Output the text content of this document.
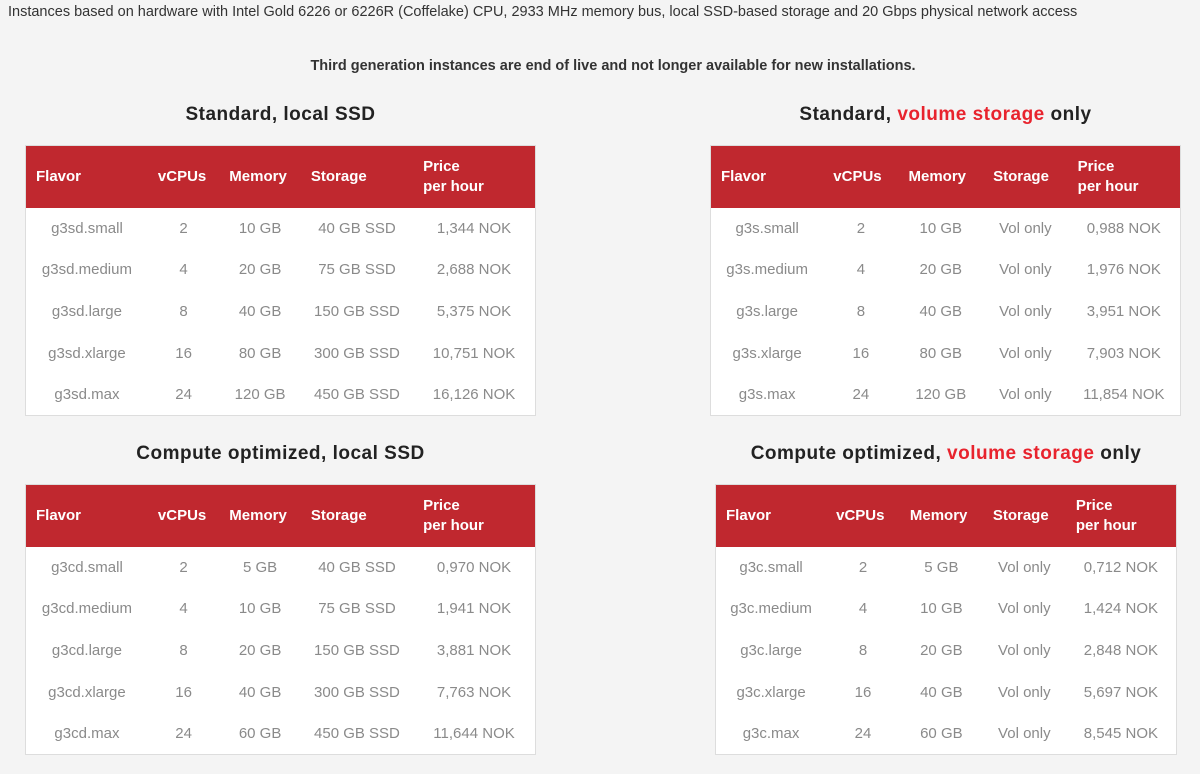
Instances based on hardware with Intel Gold 6226 or 6226R (Coffelake) CPU, 2933 MHz memory bus, local SSD-based storage and 20 Gbps physical network access
Third generation instances are end of live and not longer available for new installations.
Standard, local SSD
Flavor	vCPUs	Memory	Storage	Price
per hour

g3sd.small	2	10 GB	40 GB SSD	1,344 NOK
g3sd.medium	4	20 GB	75 GB SSD	2,688 NOK
g3sd.large	8	40 GB	150 GB SSD	5,375 NOK
g3sd.xlarge	16	80 GB	300 GB SSD	10,751 NOK
g3sd.max	24	120 GB	450 GB SSD	16,126 NOK
Standard, volume storage only
Flavor	vCPUs	Memory	Storage	Price
per hour

g3s.small	2	10 GB	Vol only	0,988 NOK
g3s.medium	4	20 GB	Vol only	1,976 NOK
g3s.large	8	40 GB	Vol only	3,951 NOK
g3s.xlarge	16	80 GB	Vol only	7,903 NOK
g3s.max	24	120 GB	Vol only	11,854 NOK
Compute optimized, local SSD
Flavor	vCPUs	Memory	Storage	Price
per hour

g3cd.small	2	5 GB	40 GB SSD	0,970 NOK
g3cd.medium	4	10 GB	75 GB SSD	1,941 NOK
g3cd.large	8	20 GB	150 GB SSD	3,881 NOK
g3cd.xlarge	16	40 GB	300 GB SSD	7,763 NOK
g3cd.max	24	60 GB	450 GB SSD	11,644 NOK
Compute optimized, volume storage only
Flavor	vCPUs	Memory	Storage	Price
per hour

g3c.small	2	5 GB	Vol only	0,712 NOK
g3c.medium	4	10 GB	Vol only	1,424 NOK
g3c.large	8	20 GB	Vol only	2,848 NOK
g3c.xlarge	16	40 GB	Vol only	5,697 NOK
g3c.max	24	60 GB	Vol only	8,545 NOK
